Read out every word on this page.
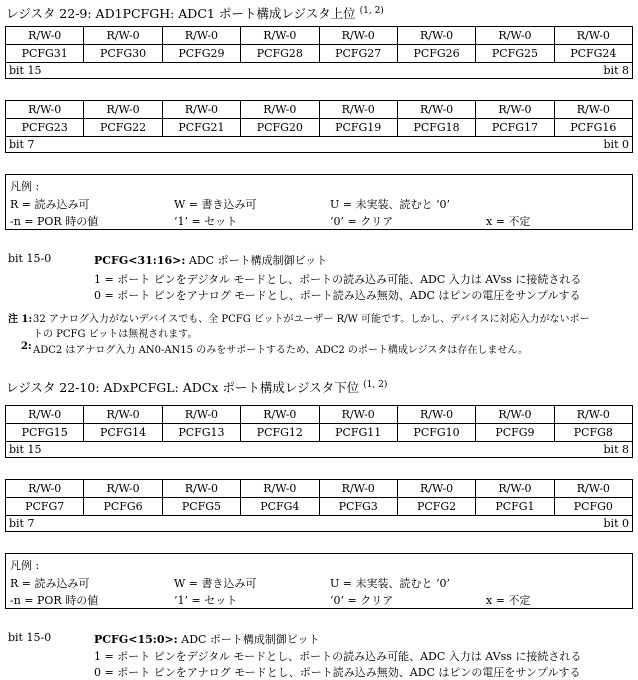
レジスタ 22-9: AD1PCFGH: ADC1 ポート構成レジスタ上位 $^{(1, 2)}$
R/W-0	R/W-0	R/W-0	R/W-0	R/W-0	R/W-0	R/W-0	R/W-0
PCFG31	PCFG30	PCFG29	PCFG28	PCFG27	PCFG26	PCFG25	PCFG24
bit 15 bit 8							
R/W-0	R/W-0	R/W-0	R/W-0	R/W-0	R/W-0	R/W-0	R/W-0
PCFG23	PCFG22	PCFG21	PCFG20	PCFG19	PCFG18	PCFG17	PCFG16
bit 7 bit 0							
凡例 :
R = 読み込み可	W = 書き込み可	U = 未実装、読むと ‘0’
-n = POR 時の値	‘1’ = セット	‘0’ = クリア	x = 不定
bit 15-0	PCFG<31:16>: ADC ポート構成制御ビット
1 = ポート ピンをデジタル モードとし、ポートの読み込み可能、ADC 入力は AVss に接続される
0 = ポート ピンをアナログ モードとし、ポート読み込み無効、ADC はピンの電圧をサンプルする
注 1: 32 アナログ入力がないデバイスでも、全 PCFG ビットがユーザー R/W 可能です。しかし、デバイスに対応入力がないポー
トの PCFG ビットは無視されます。
2: ADC2 はアナログ入力 AN0-AN15 のみをサポートするため、ADC2 のポート構成レジスタは存在しません。
レジスタ 22-10: ADxPCFGL: ADCx ポート構成レジスタ下位 $^{(1, 2)}$
R/W-0	R/W-0	R/W-0	R/W-0	R/W-0	R/W-0	R/W-0	R/W-0
PCFG15	PCFG14	PCFG13	PCFG12	PCFG11	PCFG10	PCFG9	PCFG8
bit 15 bit 8							
R/W-0	R/W-0	R/W-0	R/W-0	R/W-0	R/W-0	R/W-0	R/W-0
PCFG7	PCFG6	PCFG5	PCFG4	PCFG3	PCFG2	PCFG1	PCFG0
bit 7 bit 0							
凡例 :
R = 読み込み可	W = 書き込み可	U = 未実装、読むと ‘0’
-n = POR 時の値	‘1’ = セット	‘0’ = クリア	x = 不定
bit 15-0	PCFG<15:0>: ADC ポート構成制御ビット
1 = ポート ピンをデジタル モードとし、ポートの読み込み可能、ADC 入力は AVss に接続される
0 = ポート ピンをアナログ モードとし、ポート読み込み無効、ADC はピンの電圧をサンプルする
